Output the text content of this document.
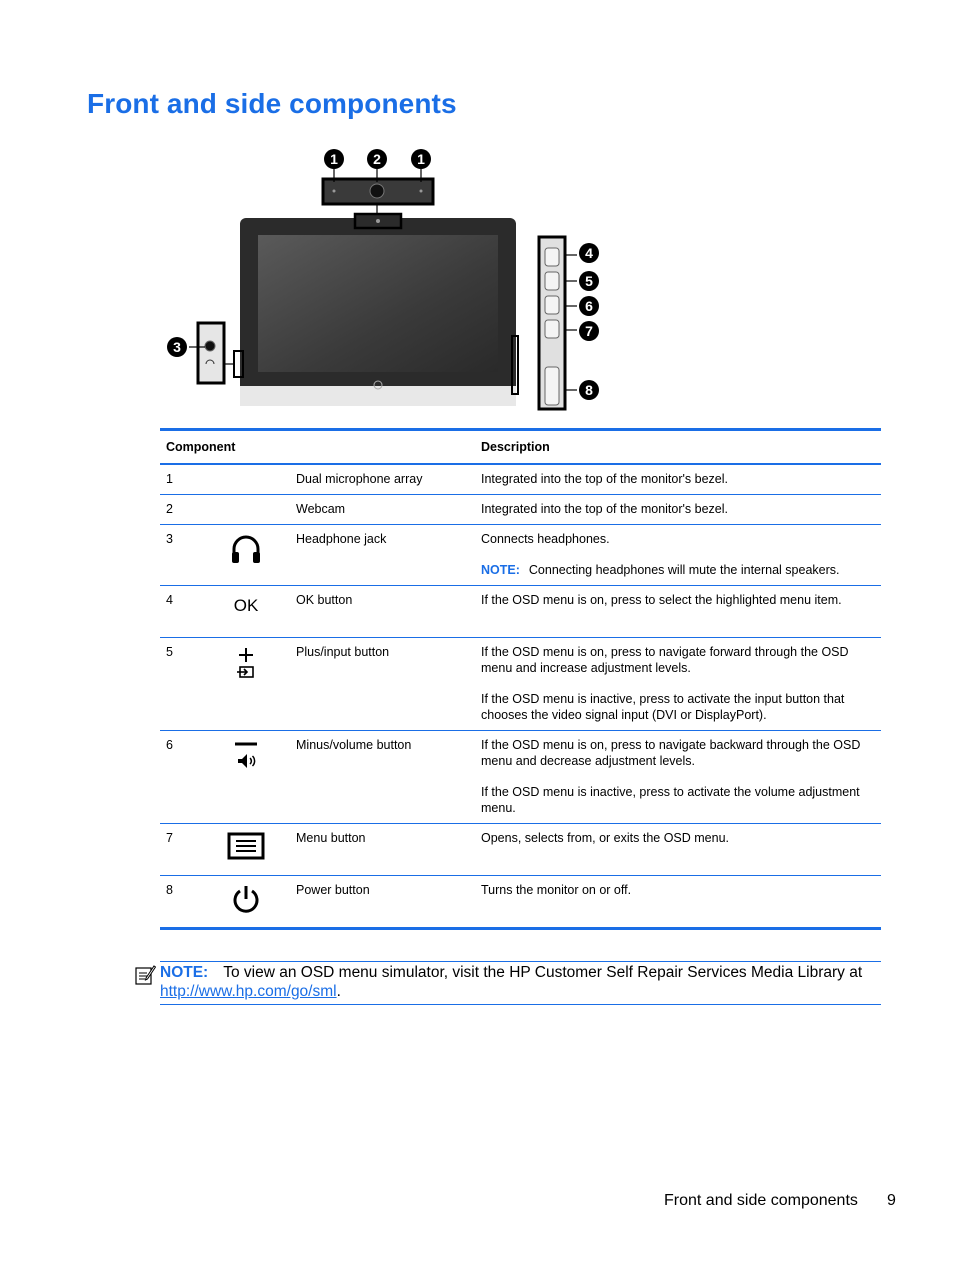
Front and side components
1	2	1
3
4
5
6
7
8
Component			Description
1		Dual microphone array	Integrated into the top of the monitor's bezel.

2		Webcam	Integrated into the top of the monitor's bezel.

3		Headphone jack	Connects headphones.

NOTE: Connecting headphones will mute the internal speakers.

4	OK	OK button	If the OSD menu is on, press to select the highlighted menu item.

5		Plus/input button	If the OSD menu is on, press to navigate forward through the OSD menu and increase adjustment levels.

If the OSD menu is inactive, press to activate the input button that chooses the video signal input (DVI or DisplayPort).

6		Minus/volume button	If the OSD menu is on, press to navigate backward through the OSD menu and decrease adjustment levels.

If the OSD menu is inactive, press to activate the volume adjustment menu.

7		Menu button	Opens, selects from, or exits the OSD menu.

8		Power button	Turns the monitor on or off.

NOTE: To view an OSD menu simulator, visit the HP Customer Self Repair Services Media Library at http://www.hp.com/go/sml.
Front and side components 9
